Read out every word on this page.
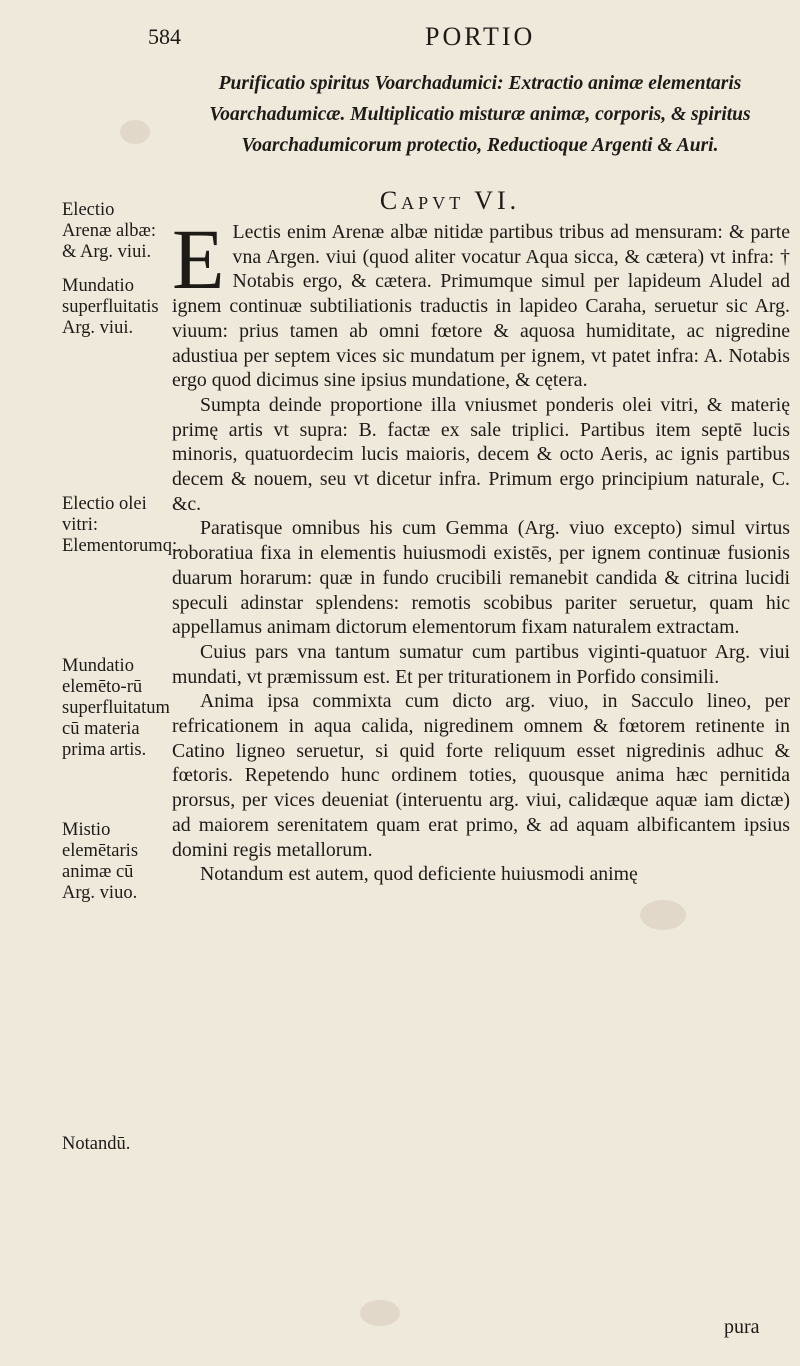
584	PORTIO
Purificatio spiritus Voarchadumici: Extractio animæ elementaris Voarchadumicæ. Multiplicatio misturæ animæ, corporis, & spiritus Voarchadumicorum protectio, Reductioque Argenti & Auri.
Capvt VI.
Electio Arenæ albæ: & Arg. viui.
Mundatio superfluitatis Arg. viui.
Electio olei vitri: Elementorumq;.
Mundatio elemēto-rū superfluitatum cū materia prima artis.
Mistio elemētaris animæ cū Arg. viuo.
Notandū.

E Lectis enim Arenæ albæ nitidæ partibus tribus ad mensuram: & parte vna Argen. viui (quod aliter vocatur Aqua sicca, & cætera) vt infra: † Notabis ergo, & cætera. Primumque simul per lapideum Aludel ad ignem continuæ subtiliationis traductis in lapideo Caraha, seruetur sic Arg. viuum: prius tamen ab omni fœtore & aquosa humiditate, ac nigredine adustiua per septem vices sic mundatum per ignem, vt patet infra: A. Notabis ergo quod dicimus sine ipsius mundatione, & cętera.

Sumpta deinde proportione illa vniusmet ponderis olei vitri, & materię primę artis vt supra: B. factæ ex sale triplici. Partibus item septē lucis minoris, quatuordecim lucis maioris, decem & octo Aeris, ac ignis partibus decem & nouem, seu vt dicetur infra. Primum ergo principium naturale, C. &c.

Paratisque omnibus his cum Gemma (Arg. viuo excepto) simul virtus roboratiua fixa in elementis huiusmodi existēs, per ignem continuæ fusionis duarum horarum: quæ in fundo crucibili remanebit candida & citrina lucidi speculi adinstar splendens: remotis scobibus pariter seruetur, quam hic appellamus animam dictorum elementorum fixam naturalem extractam.

Cuius pars vna tantum sumatur cum partibus viginti-quatuor Arg. viui mundati, vt præmissum est. Et per triturationem in Porfido consimili.

Anima ipsa commixta cum dicto arg. viuo, in Sacculo lineo, per refricationem in aqua calida, nigredinem omnem & fœtorem retinente in Catino ligneo seruetur, si quid forte reliquum esset nigredinis adhuc & fœtoris. Repetendo hunc ordinem toties, quousque anima hæc pernitida prorsus, per vices deueniat (interuentu arg. viui, calidæque aquæ iam dictæ) ad maiorem serenitatem quam erat primo, & ad aquam albificantem ipsius domini regis metallorum.

Notandum est autem, quod deficiente huiusmodi animę

pura
